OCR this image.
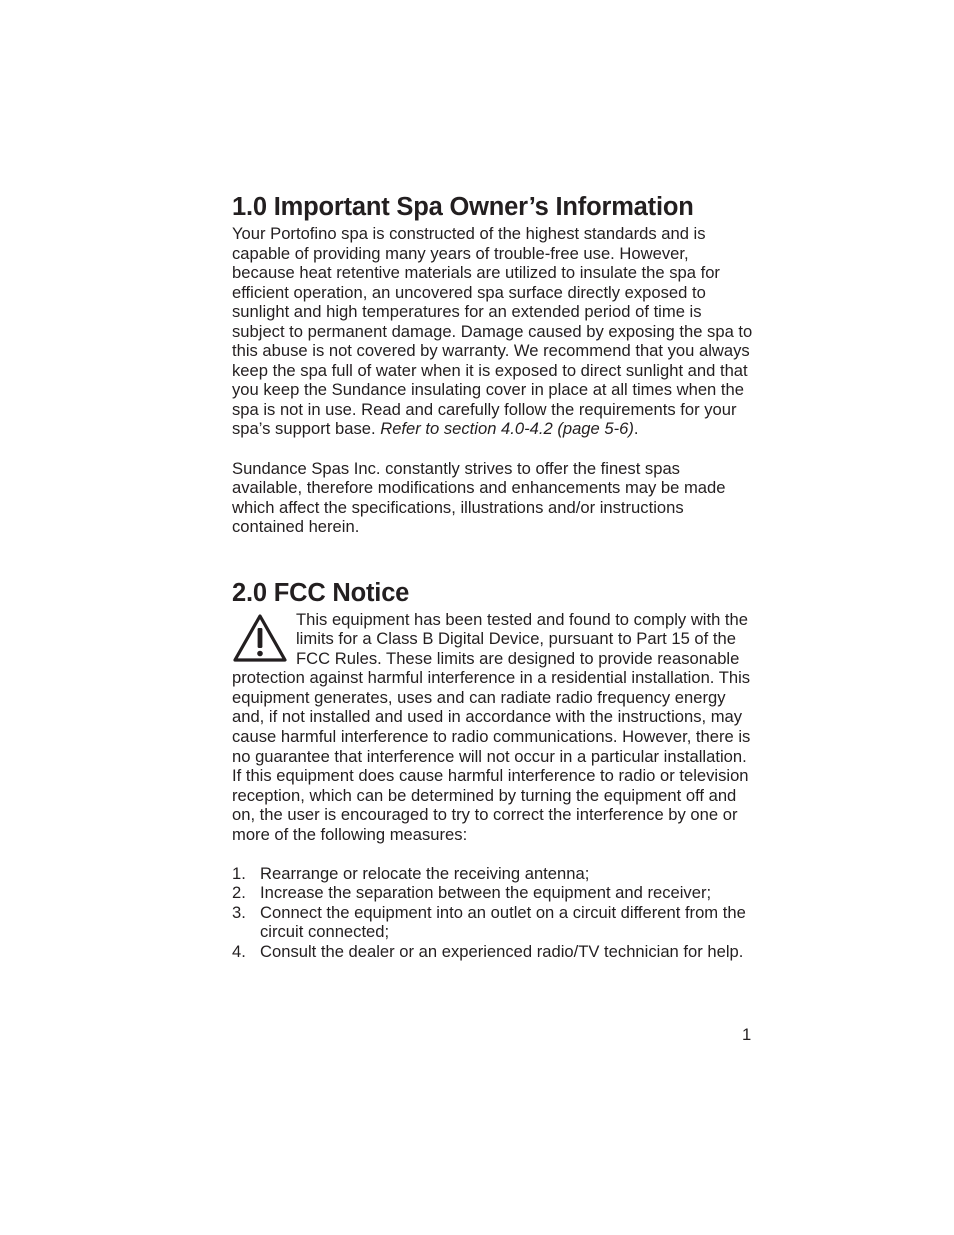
1.0 Important Spa Owner’s Information

Your Portofino spa is constructed of the highest standards and is capable of providing many years of trouble-free use. However, because heat retentive materials are utilized to insulate the spa for efficient operation, an uncovered spa surface directly exposed to sunlight and high temperatures for an extended period of time is subject to permanent damage. Damage caused by exposing the spa to this abuse is not covered by warranty. We recommend that you always keep the spa full of water when it is exposed to direct sunlight and that you keep the Sundance insulating cover in place at all times when the spa is not in use. Read and carefully follow the requirements for your spa’s support base. Refer to section 4.0-4.2 (page 5-6).

Sundance Spas Inc. constantly strives to offer the finest spas available, therefore modifications and enhancements may be made which affect the specifications, illustrations and/or instructions contained herein.

2.0 FCC Notice
This equipment has been tested and found to comply with the limits for a Class B Digital Device, pursuant to Part 15 of the FCC Rules. These limits are designed to provide reasonable protection against harmful interference in a residential installation. This equipment generates, uses and can radiate radio frequency energy and, if not installed and used in accordance with the instructions, may cause harmful interference to radio communications. However, there is no guarantee that interference will not occur in a particular installation. If this equipment does cause harmful interference to radio or television reception, which can be determined by turning the equipment off and on, the user is encouraged to try to correct the interference by one or more of the following measures:
1. Rearrange or relocate the receiving antenna;
2. Increase the separation between the equipment and receiver;
3. Connect the equipment into an outlet on a circuit different from the circuit connected;
4. Consult the dealer or an experienced radio/TV technician for help.
1
